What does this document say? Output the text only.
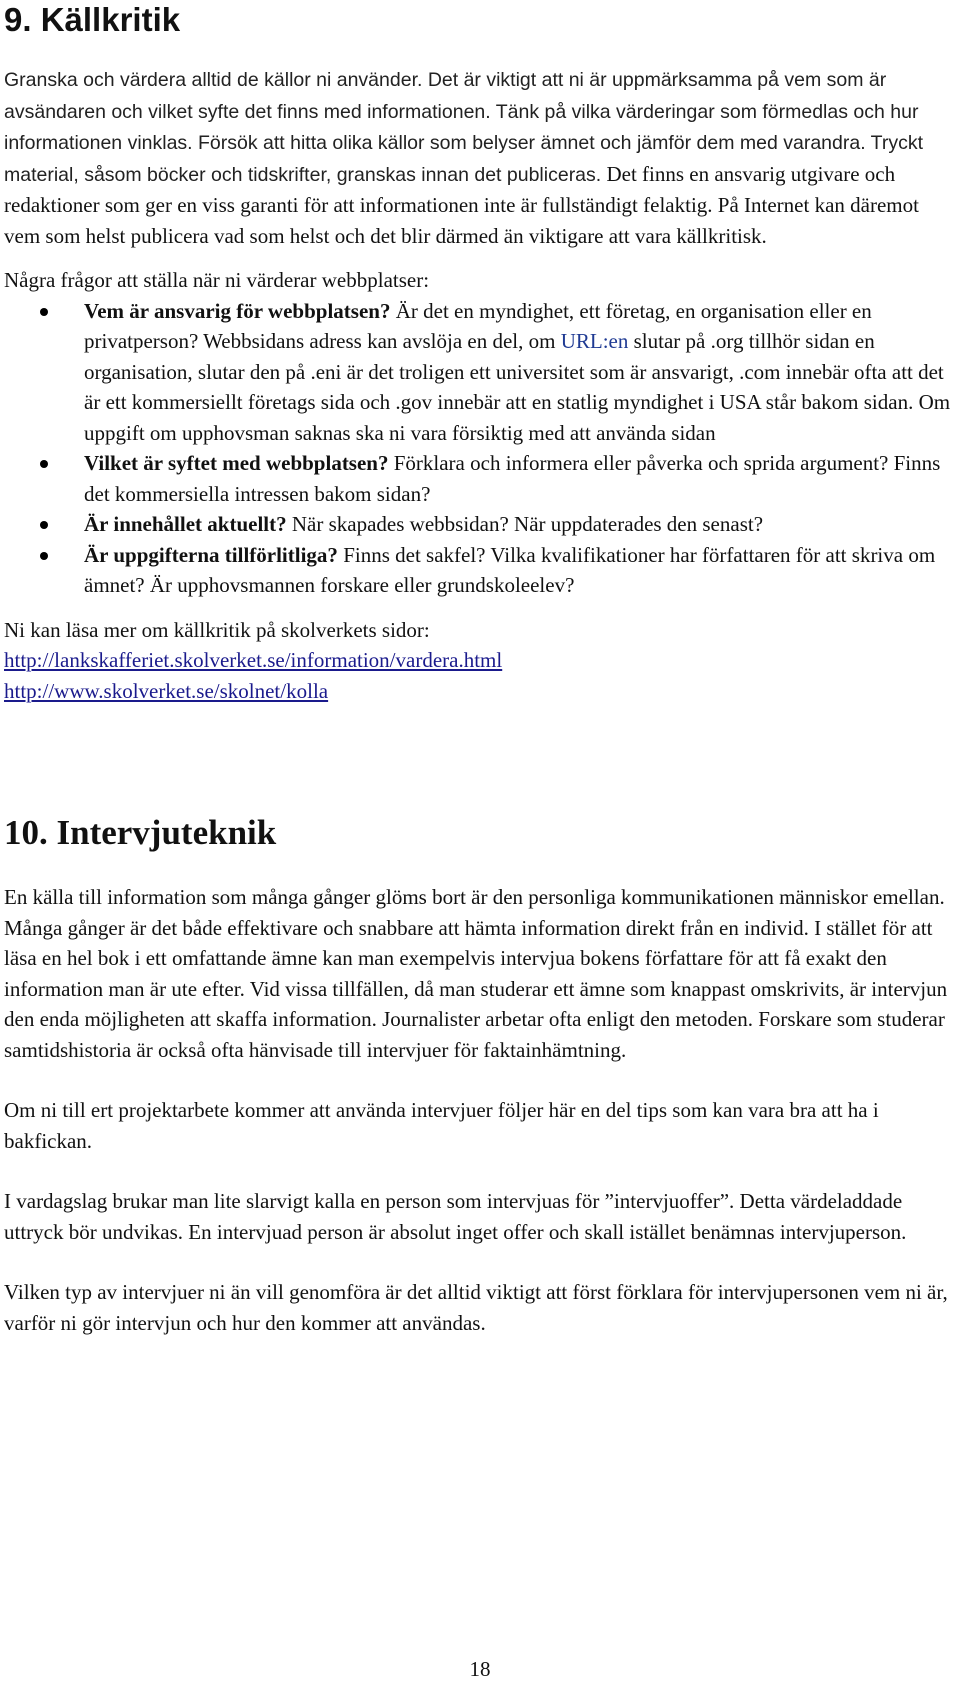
9. Källkritik

Granska och värdera alltid de källor ni använder. Det är viktigt att ni är uppmärksamma på vem som är avsändaren och vilket syfte det finns med informationen. Tänk på vilka värderingar som förmedlas och hur informationen vinklas. Försök att hitta olika källor som belyser ämnet och jämför dem med varandra. Tryckt material, såsom böcker och tidskrifter, granskas innan det publiceras. Det finns en ansvarig utgivare och redaktioner som ger en viss garanti för att informationen inte är fullständigt felaktig. På Internet kan däremot vem som helst publicera vad som helst och det blir därmed än viktigare att vara källkritisk.

Några frågor att ställa när ni värderar webbplatser:

Vem är ansvarig för webbplatsen? Är det en myndighet, ett företag, en organisation eller en privatperson? Webbsidans adress kan avslöja en del, om URL:en slutar på .org tillhör sidan en organisation, slutar den på .eni är det troligen ett universitet som är ansvarigt, .com innebär ofta att det är ett kommersiellt företags sida och .gov innebär att en statlig myndighet i USA står bakom sidan. Om uppgift om upphovsman saknas ska ni vara försiktig med att använda sidan
Vilket är syftet med webbplatsen? Förklara och informera eller påverka och sprida argument? Finns det kommersiella intressen bakom sidan?
Är innehållet aktuellt? När skapades webbsidan? När uppdaterades den senast?
Är uppgifterna tillförlitliga? Finns det sakfel? Vilka kvalifikationer har författaren för att skriva om ämnet? Är upphovsmannen forskare eller grundskoleelev?

Ni kan läsa mer om källkritik på skolverkets sidor:

http://lankskafferiet.skolverket.se/information/vardera.html

http://www.skolverket.se/skolnet/kolla

10. Intervjuteknik

En källa till information som många gånger glöms bort är den personliga kommunikationen människor emellan. Många gånger är det både effektivare och snabbare att hämta information direkt från en individ. I stället för att läsa en hel bok i ett omfattande ämne kan man exempelvis intervjua bokens författare för att få exakt den information man är ute efter. Vid vissa tillfällen, då man studerar ett ämne som knappast omskrivits, är intervjun den enda möjligheten att skaffa information. Journalister arbetar ofta enligt den metoden. Forskare som studerar samtidshistoria är också ofta hänvisade till intervjuer för faktainhämtning.

Om ni till ert projektarbete kommer att använda intervjuer följer här en del tips som kan vara bra att ha i bakfickan.

I vardagslag brukar man lite slarvigt kalla en person som intervjuas för ”intervjuoffer”. Detta värdeladdade uttryck bör undvikas. En intervjuad person är absolut inget offer och skall istället benämnas intervjuperson.

Vilken typ av intervjuer ni än vill genomföra är det alltid viktigt att först förklara för intervjupersonen vem ni är, varför ni gör intervjun och hur den kommer att användas.

18
